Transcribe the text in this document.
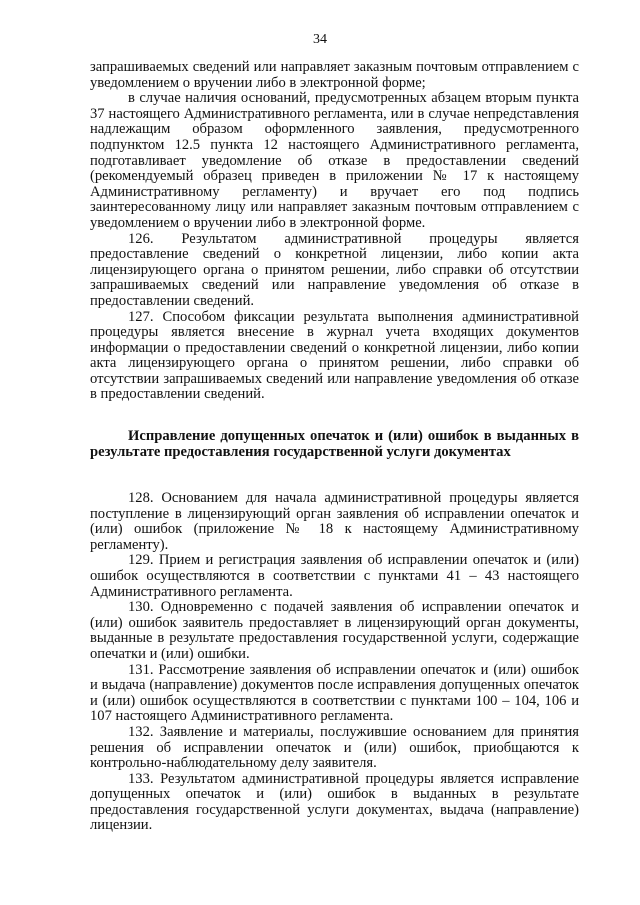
34

запрашиваемых сведений или направляет заказным почтовым отправлением с уведомлением о вручении либо в электронной форме;

в случае наличия оснований, предусмотренных абзацем вторым пункта 37 настоящего Административного регламента, или в случае непредставления надлежащим образом оформленного заявления, предусмотренного подпунктом 12.5 пункта 12 настоящего Административного регламента, подготавливает уведомление об отказе в предоставлении сведений (рекомендуемый образец приведен в приложении № 17 к настоящему Административному регламенту) и вручает его под подпись заинтересованному лицу или направляет заказным почтовым отправлением с уведомлением о вручении либо в электронной форме.

126. Результатом административной процедуры является предоставление сведений о конкретной лицензии, либо копии акта лицензирующего органа о принятом решении, либо справки об отсутствии запрашиваемых сведений или направление уведомления об отказе в предоставлении сведений.

127. Способом фиксации результата выполнения административной процедуры является внесение в журнал учета входящих документов информации о предоставлении сведений о конкретной лицензии, либо копии акта лицензирующего органа о принятом решении, либо справки об отсутствии запрашиваемых сведений или направление уведомления об отказе в предоставлении сведений.

Исправление допущенных опечаток и (или) ошибок в выданных в результате предоставления государственной услуги документах

128. Основанием для начала административной процедуры является поступление в лицензирующий орган заявления об исправлении опечаток и (или) ошибок (приложение № 18 к настоящему Административному регламенту).

129. Прием и регистрация заявления об исправлении опечаток и (или) ошибок осуществляются в соответствии с пунктами 41 – 43 настоящего Административного регламента.

130. Одновременно с подачей заявления об исправлении опечаток и (или) ошибок заявитель предоставляет в лицензирующий орган документы, выданные в результате предоставления государственной услуги, содержащие опечатки и (или) ошибки.

131. Рассмотрение заявления об исправлении опечаток и (или) ошибок и выдача (направление) документов после исправления допущенных опечаток и (или) ошибок осуществляются в соответствии с пунктами 100 – 104, 106 и 107 настоящего Административного регламента.

132. Заявление и материалы, послужившие основанием для принятия решения об исправлении опечаток и (или) ошибок, приобщаются к контрольно-наблюдательному делу заявителя.

133. Результатом административной процедуры является исправление допущенных опечаток и (или) ошибок в выданных в результате предоставления государственной услуги документах, выдача (направление) лицензии.
